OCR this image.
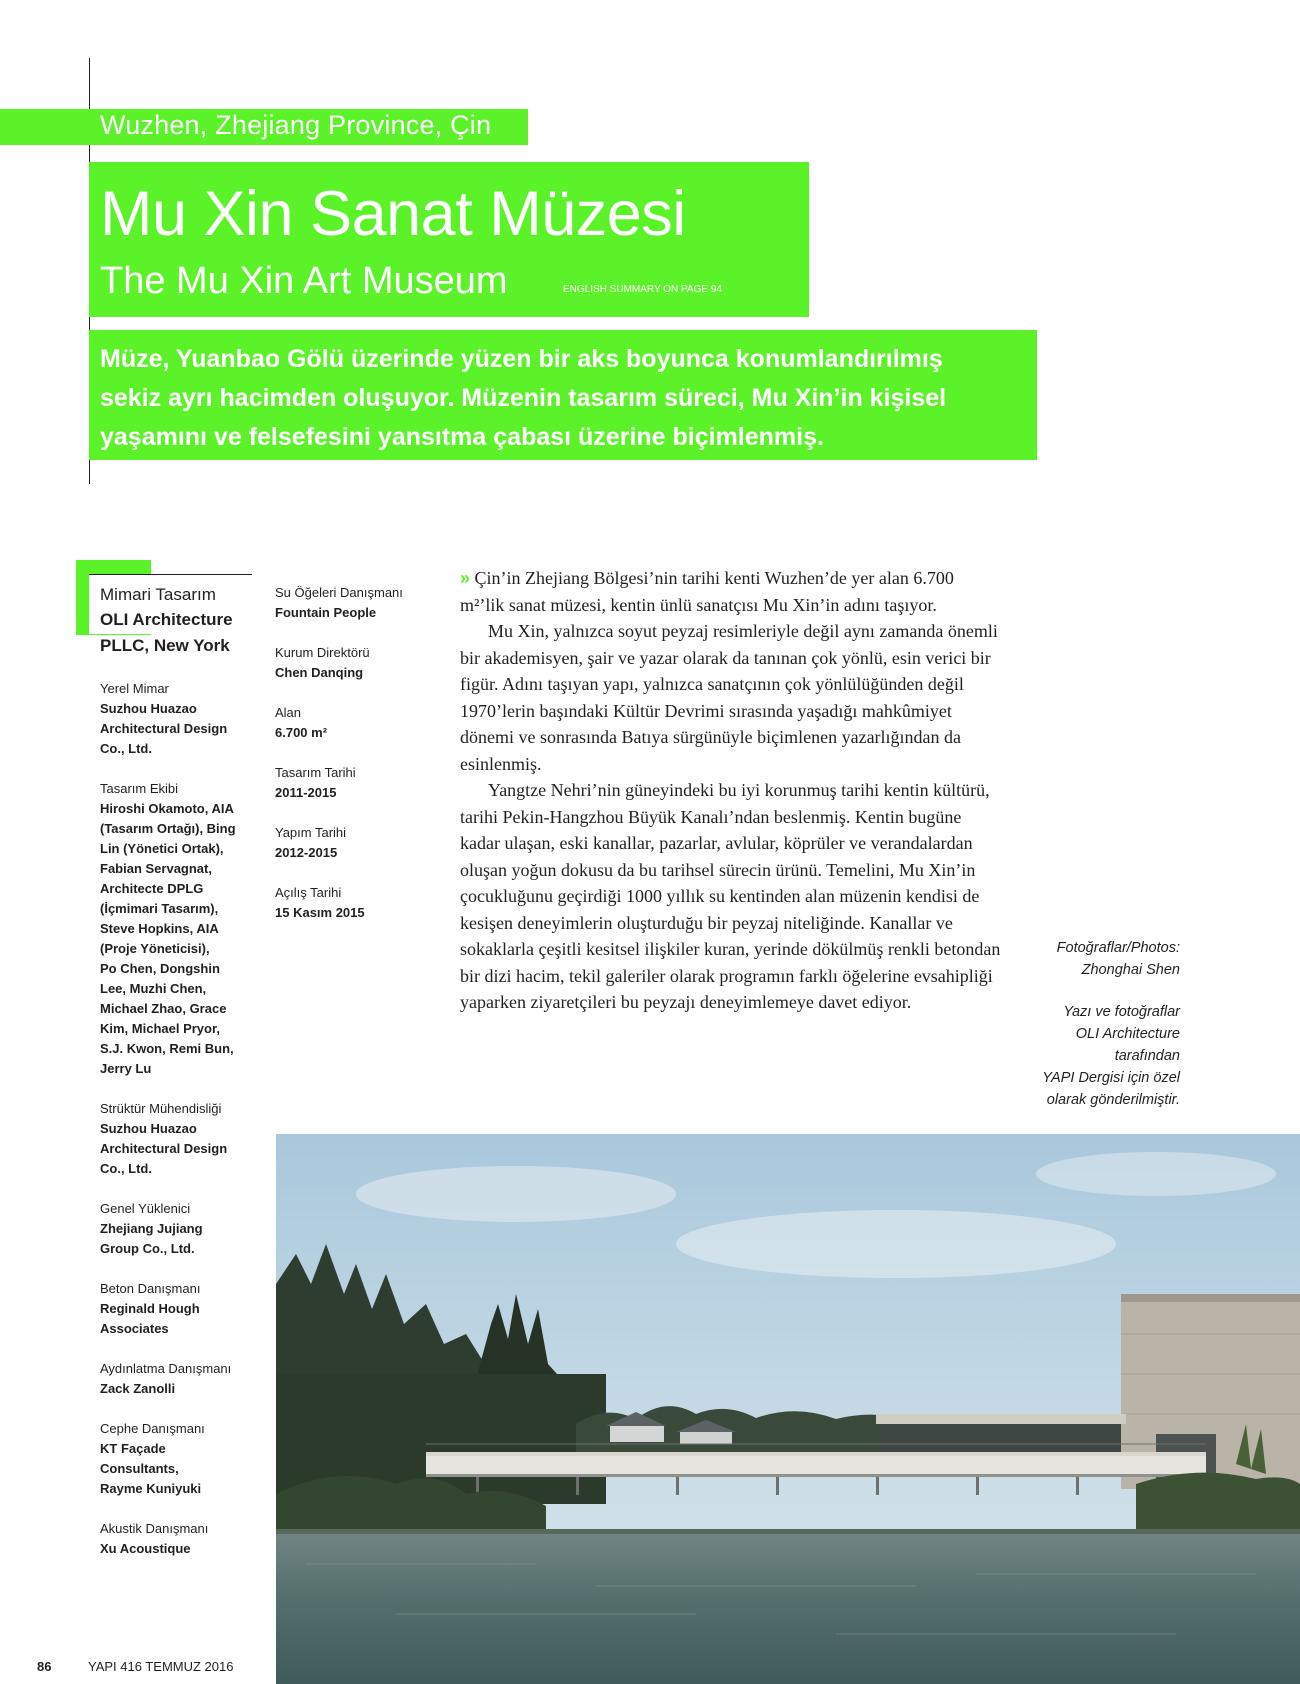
Wuzhen, Zhejiang Province, Çin
Mu Xin Sanat Müzesi
The Mu Xin Art Museum	ENGLISH SUMMARY ON PAGE 94
Müze, Yuanbao Gölü üzerinde yüzen bir aks boyunca konumlandırılmış
sekiz ayrı hacimden oluşuyor. Müzenin tasarım süreci, Mu Xin’in kişisel
yaşamını ve felsefesini yansıtma çabası üzerine biçimlenmiş.
Mimari Tasarım
OLI Architecture
PLLC, New York
Yerel Mimar
Suzhou Huazao
Architectural Design
Co., Ltd.
Tasarım Ekibi
Hiroshi Okamoto, AIA
(Tasarım Ortağı), Bing
Lin (Yönetici Ortak),
Fabian Servagnat,
Architecte DPLG
(İçmimari Tasarım),
Steve Hopkins, AIA
(Proje Yöneticisi),
Po Chen, Dongshin
Lee, Muzhi Chen,
Michael Zhao, Grace
Kim, Michael Pryor,
S.J. Kwon, Remi Bun,
Jerry Lu
Strüktür Mühendisliği
Suzhou Huazao
Architectural Design
Co., Ltd.
Genel Yüklenici
Zhejiang Jujiang
Group Co., Ltd.
Beton Danışmanı
Reginald Hough
Associates
Aydınlatma Danışmanı
Zack Zanolli
Cephe Danışmanı
KT Façade
Consultants,
Rayme Kuniyuki
Akustik Danışmanı
Xu Acoustique
Su Öğeleri Danışmanı
Fountain People
Kurum Direktörü
Chen Danqing
Alan
6.700 m²
Tasarım Tarihi
2011-2015
Yapım Tarihi
2012-2015
Açılış Tarihi
15 Kasım 2015

» Çin’in Zhejiang Bölgesi’nin tarihi kenti Wuzhen’de yer alan 6.700 m²’lik sanat müzesi, kentin ünlü sanatçısı Mu Xin’in adını taşıyor.

Mu Xin, yalnızca soyut peyzaj resimleriyle değil aynı zamanda önemli bir akademisyen, şair ve yazar olarak da tanınan çok yönlü, esin verici bir figür. Adını taşıyan yapı, yalnızca sanatçının çok yönlülüğünden değil 1970’lerin başındaki Kültür Devrimi sırasında yaşadığı mahkûmiyet dönemi ve sonrasında Batıya sürgünüyle biçimlenen yazarlığından da esinlenmiş.

Yangtze Nehri’nin güneyindeki bu iyi korunmuş tarihi kentin kültürü, tarihi Pekin-Hangzhou Büyük Kanalı’ndan beslenmiş. Kentin bugüne kadar ulaşan, eski kanallar, pazarlar, avlular, köprüler ve verandalardan oluşan yoğun dokusu da bu tarihsel sürecin ürünü. Temelini, Mu Xin’in çocukluğunu geçirdiği 1000 yıllık su kentinden alan müzenin kendisi de kesişen deneyimlerin oluşturduğu bir peyzaj niteliğinde. Kanallar ve sokaklarla çeşitli kesitsel ilişkiler kuran, yerinde dökülmüş renkli betondan bir dizi hacim, tekil galeriler olarak programın farklı öğelerine evsahipliği yaparken ziyaretçileri bu peyzajı deneyimlemeye davet ediyor.

Fotoğraflar/Photos:
Zhonghai Shen
Yazı ve fotoğraflar
OLI Architecture
tarafından
YAPI Dergisi için özel
olarak gönderilmiştir.
86	YAPI 416 TEMMUZ 2016
